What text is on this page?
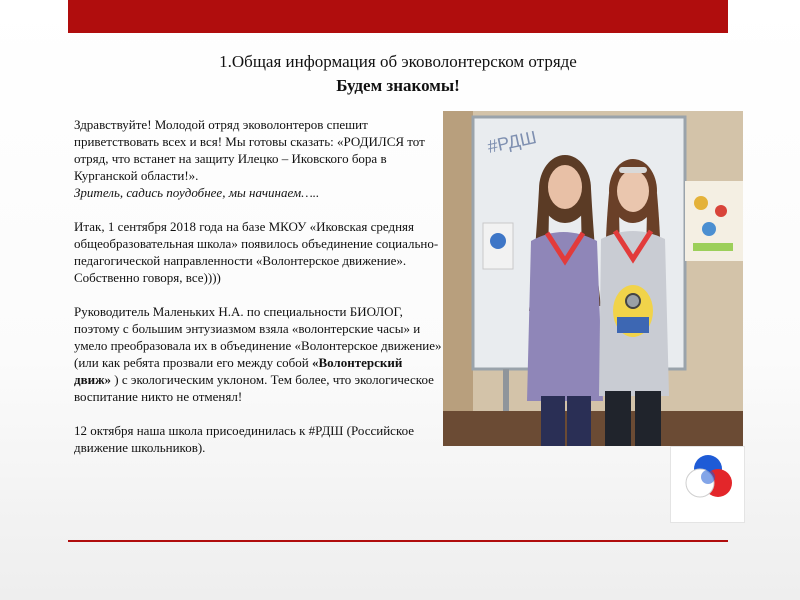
1.Общая информация об эковолонтерском отряде
Будем знакомы!

Здравствуйте! Молодой отряд эковолонтеров спешит приветствовать всех и вся! Мы готовы сказать: «РОДИЛСЯ тот отряд, что встанет на защиту Илецко – Иковского бора в Курганской области!».
Зритель, садись поудобнее, мы начинаем…..

Итак, 1 сентября 2018 года на базе МКОУ «Иковская средняя общеобразовательная школа» появилось объединение социально- педагогической направленности «Волонтерское движение». Собственно говоря, все))))

Руководитель Маленьких Н.А. по специальности БИОЛОГ, поэтому с большим энтузиазмом взяла «волонтерские часы» и умело преобразовала их в объединение «Волонтерское движение» (или как ребята прозвали его между собой «Волонтерский движ» ) с экологическим уклоном. Тем более, что экологическое воспитание никто не отменял!

12 октября наша школа присоединилась к #РДШ (Российское движение школьников).

#РДШ
